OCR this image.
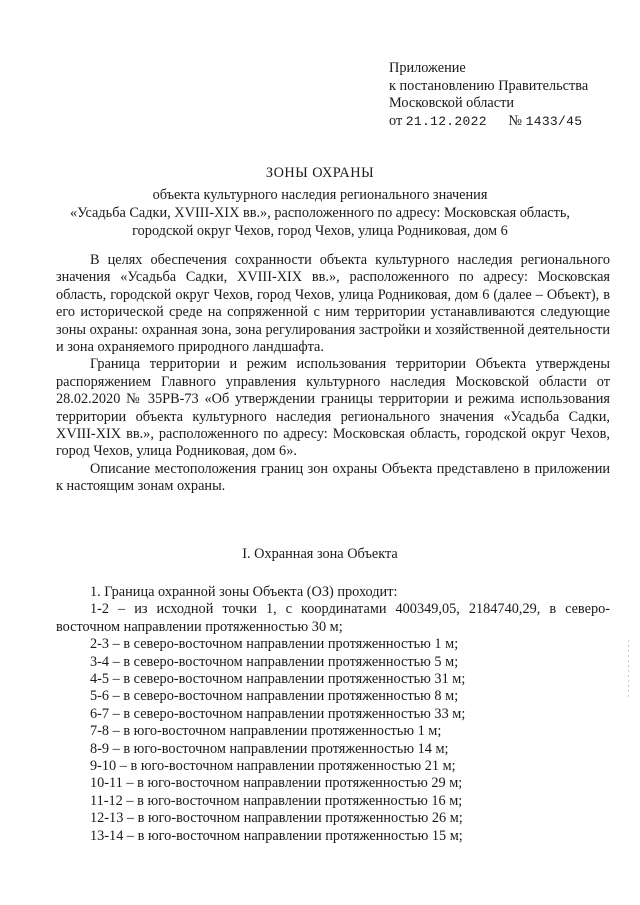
Приложение
к постановлению Правительства
Московской области
от 21.12.2022 № 1433/45
ЗОНЫ ОХРАНЫ
объекта культурного наследия регионального значения
«Усадьба Садки, XVIII-XIX вв.», расположенного по адресу: Московская область,
городской округ Чехов, город Чехов, улица Родниковая, дом 6

В целях обеспечения сохранности объекта культурного наследия регионального значения «Усадьба Садки, XVIII-XIX вв.», расположенного по адресу: Московская область, городской округ Чехов, город Чехов, улица Родниковая, дом 6 (далее – Объект), в его исторической среде на сопряженной с ним территории устанавливаются следующие зоны охраны: охранная зона, зона регулирования застройки и хозяйственной деятельности и зона охраняемого природного ландшафта.

Граница территории и режим использования территории Объекта утверждены распоряжением Главного управления культурного наследия Московской области от 28.02.2020 № 35РВ-73 «Об утверждении границы территории и режима использования территории объекта культурного наследия регионального значения «Усадьба Садки, XVIII-XIX вв.», расположенного по адресу: Московская область, городской округ Чехов, город Чехов, улица Родниковая, дом 6».

Описание местоположения границ зон охраны Объекта представлено в приложении к настоящим зонам охраны.

I. Охранная зона Объекта

1. Граница охранной зоны Объекта (ОЗ) проходит:

1-2 – из исходной точки 1, с координатами 400349,05, 2184740,29, в северо-восточном направлении протяженностью 30 м;

2-3 – в северо-восточном направлении протяженностью 1 м;
3-4 – в северо-восточном направлении протяженностью 5 м;
4-5 – в северо-восточном направлении протяженностью 31 м;
5-6 – в северо-восточном направлении протяженностью 8 м;
6-7 – в северо-восточном направлении протяженностью 33 м;
7-8 – в юго-восточном направлении протяженностью 1 м;
8-9 – в юго-восточном направлении протяженностью 14 м;
9-10 – в юго-восточном направлении протяженностью 21 м;
10-11 – в юго-восточном направлении протяженностью 29 м;
11-12 – в юго-восточном направлении протяженностью 16 м;
12-13 – в юго-восточном направлении протяженностью 26 м;
13-14 – в юго-восточном направлении протяженностью 15 м;
